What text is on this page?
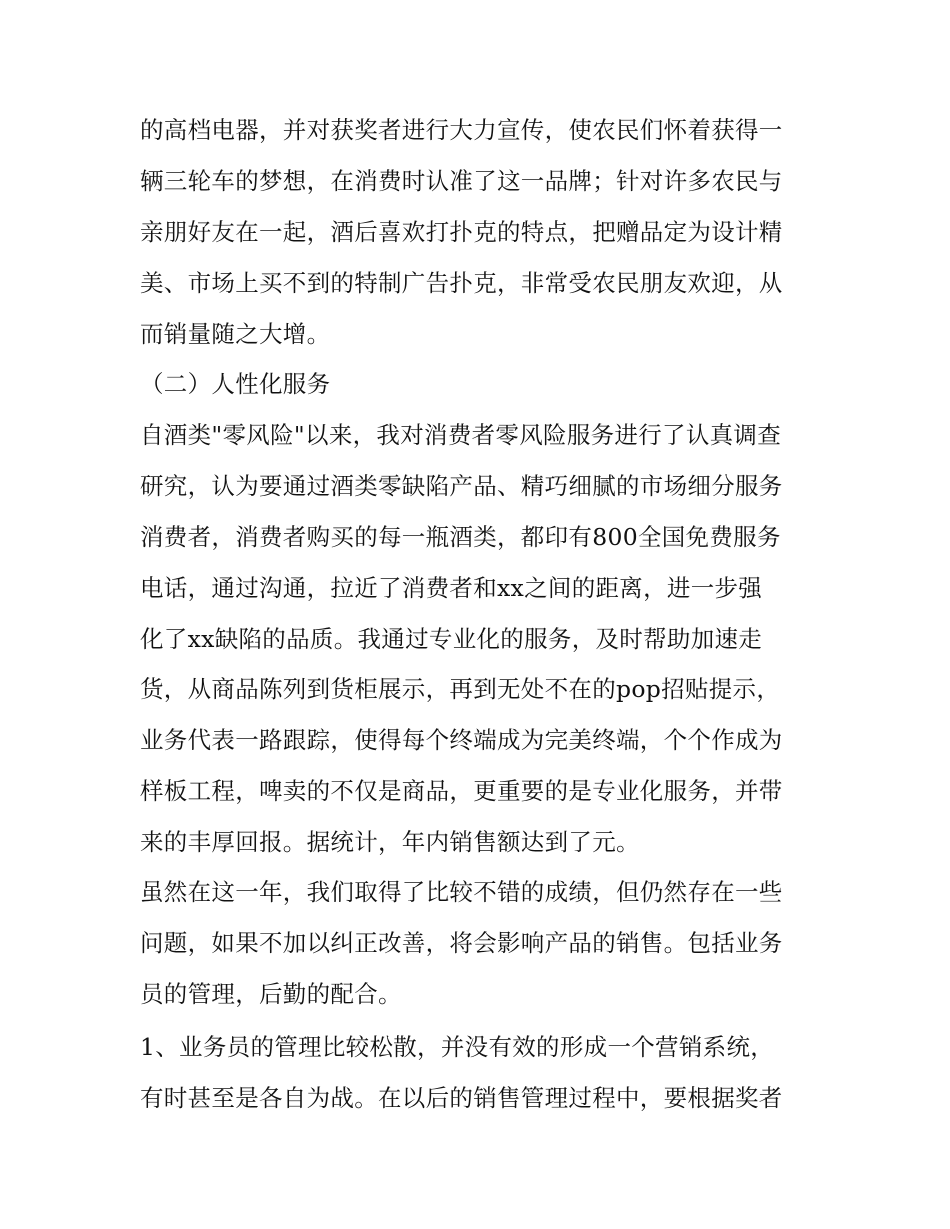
的高档电器，并对获奖者进行大力宣传，使农民们怀着获得一
辆三轮车的梦想，在消费时认准了这一品牌；针对许多农民与
亲朋好友在一起，酒后喜欢打扑克的特点，把赠品定为设计精
美、市场上买不到的特制广告扑克，非常受农民朋友欢迎，从
而销量随之大增。
（二）人性化服务
自酒类"零风险"以来，我对消费者零风险服务进行了认真调查
研究，认为要通过酒类零缺陷产品、精巧细腻的市场细分服务
消费者，消费者购买的每一瓶酒类，都印有800全国免费服务
电话，通过沟通，拉近了消费者和xx之间的距离，进一步强
化了xx缺陷的品质。我通过专业化的服务，及时帮助加速走
货，从商品陈列到货柜展示，再到无处不在的pop招贴提示，
业务代表一路跟踪，使得每个终端成为完美终端，个个作成为
样板工程，啤卖的不仅是商品，更重要的是专业化服务，并带
来的丰厚回报。据统计，年内销售额达到了元。
虽然在这一年，我们取得了比较不错的成绩，但仍然存在一些
问题，如果不加以纠正改善，将会影响产品的销售。包括业务
员的管理，后勤的配合。
1、业务员的管理比较松散，并没有效的形成一个营销系统，
有时甚至是各自为战。在以后的销售管理过程中，要根据奖者
